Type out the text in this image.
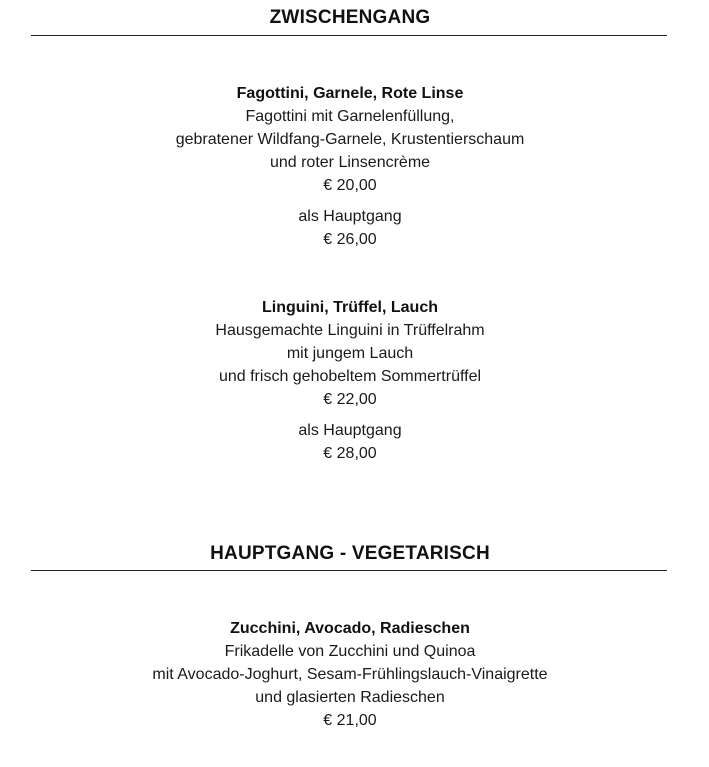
ZWISCHENGANG
Fagottini, Garnele, Rote Linse
Fagottini mit Garnelenfüllung,
gebratener Wildfang-Garnele, Krustentierschaum
und roter Linsencrème
€ 20,00
als Hauptgang
€ 26,00
Linguini, Trüffel, Lauch
Hausgemachte Linguini in Trüffelrahm
mit jungem Lauch
und frisch gehobeltem Sommertrüffel
€ 22,00
als Hauptgang
€ 28,00
HAUPTGANG - VEGETARISCH
Zucchini, Avocado, Radieschen
Frikadelle von Zucchini und Quinoa
mit Avocado-Joghurt, Sesam-Frühlingslauch-Vinaigrette
und glasierten Radieschen
€ 21,00
